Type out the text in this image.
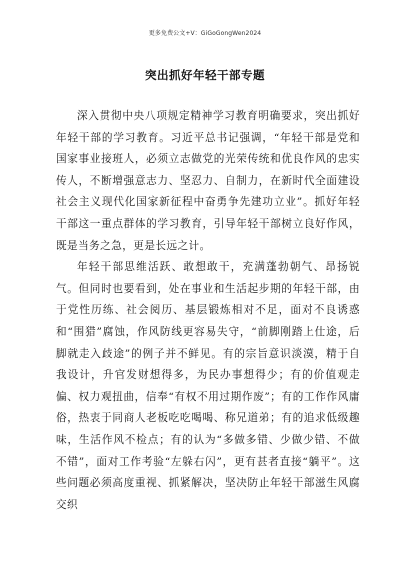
更多免费公文+V：GiGoGongWen2024
突出抓好年轻干部专题

深入贯彻中央八项规定精神学习教育明确要求，突出抓好年轻干部的学习教育。习近平总书记强调，“年轻干部是党和国家事业接班人，必须立志做党的光荣传统和优良作风的忠实传人，不断增强意志力、坚忍力、自制力，在新时代全面建设社会主义现代化国家新征程中奋勇争先建功立业”。抓好年轻干部这一重点群体的学习教育，引导年轻干部树立良好作风，既是当务之急，更是长远之计。

年轻干部思维活跃、敢想敢干，充满蓬勃朝气、昂扬锐气。但同时也要看到，处在事业和生活起步期的年轻干部，由于党性历练、社会阅历、基层锻炼相对不足，面对不良诱惑和“围猎”腐蚀，作风防线更容易失守，“前脚刚踏上仕途，后脚就走入歧途”的例子并不鲜见。有的宗旨意识淡漠，精于自我设计，升官发财想得多，为民办事想得少；有的价值观走偏、权力观扭曲，信奉“有权不用过期作废”；有的工作作风庸俗，热衷于同商人老板吃吃喝喝、称兄道弟；有的追求低级趣味，生活作风不检点；有的认为“多做多错、少做少错、不做不错”，面对工作考验“左躲右闪”，更有甚者直接“躺平”。这些问题必须高度重视、抓紧解决，坚决防止年轻干部滋生风腐交织
